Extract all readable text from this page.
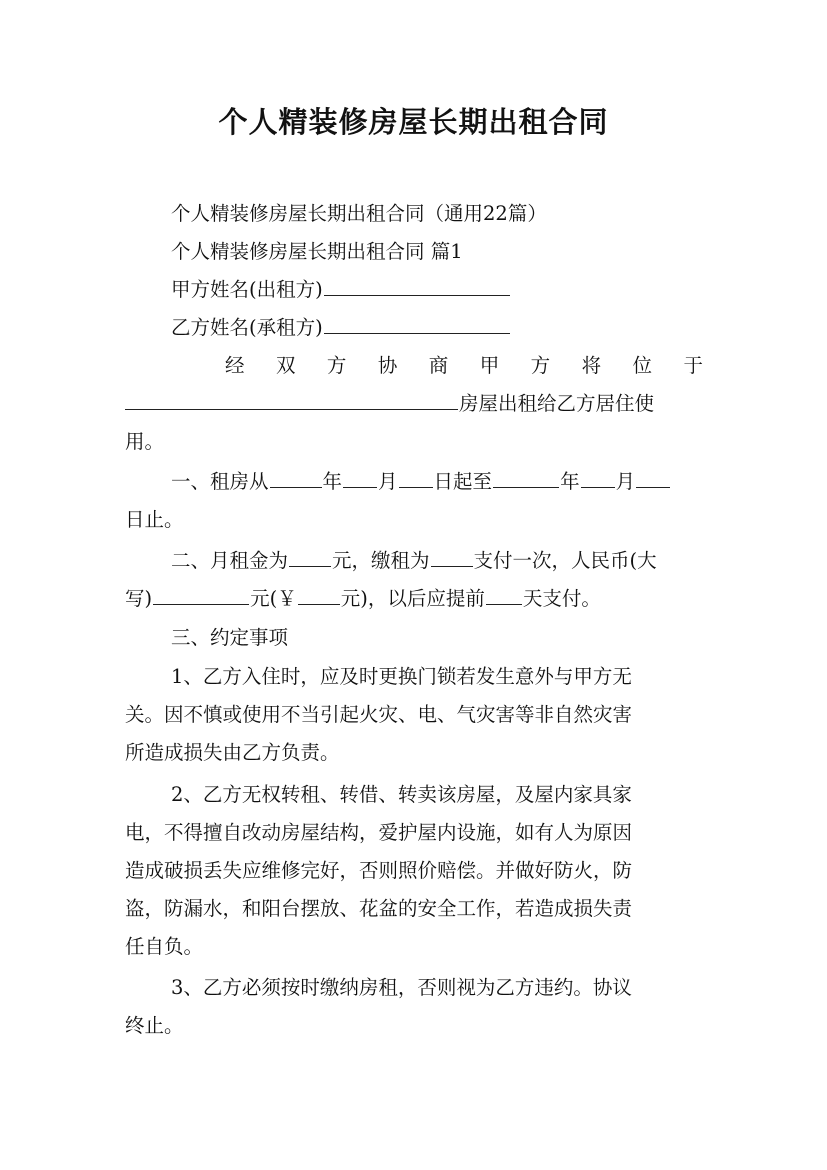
个人精装修房屋长期出租合同
个人精装修房屋长期出租合同（通用22篇）
个人精装修房屋长期出租合同 篇1
甲方姓名(出租方)
乙方姓名(承租方)
经 双 方 协 商 甲 方 将 位 于
房屋出租给乙方居住使
用。
一、租房从	年 月 日起至	年 月
日止。
二、月租金为 元，缴租为 支付一次，人民币(大
写)	元(￥ 元)，以后应提前 天支付。
三、约定事项
1、乙方入住时，应及时更换门锁若发生意外与甲方无
关。因不慎或使用不当引起火灾、电、气灾害等非自然灾害
所造成损失由乙方负责。
2、乙方无权转租、转借、转卖该房屋，及屋内家具家
电，不得擅自改动房屋结构，爱护屋内设施，如有人为原因
造成破损丢失应维修完好，否则照价赔偿。并做好防火，防
盗，防漏水，和阳台摆放、花盆的安全工作，若造成损失责
任自负。
3、乙方必须按时缴纳房租，否则视为乙方违约。协议
终止。
